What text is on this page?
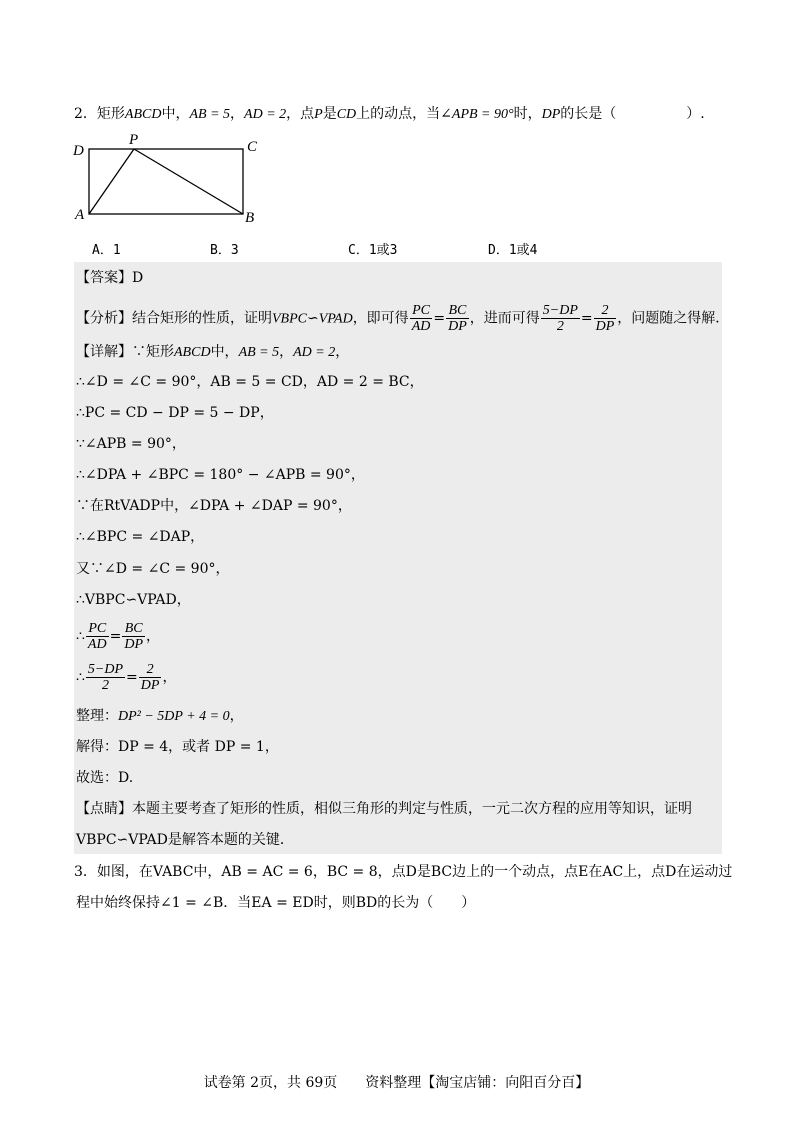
2．矩形ABCD中，AB = 5，AD = 2，点P是CD上的动点，当∠APB = 90°时，DP的长是（　　　　　）.
P
D	C
A	B
A．1	B．3	C．1或3	D．1或4
【答案】D
【分析】结合矩形的性质，证明VBPC∽VPAD，即可得 $\frac{PC}{AD} = \frac{BC}{DP}$ ，进而可得 $\frac{5-DP}{2} = \frac{2}{DP}$ ，问题随之得解．
【详解】∵矩形ABCD中，AB = 5，AD = 2，
∴∠D = ∠C = 90°，AB = 5 = CD，AD = 2 = BC，
∴PC = CD − DP = 5 − DP，
∵∠APB = 90°，
∴∠DPA + ∠BPC = 180° − ∠APB = 90°，
∵在RtVADP中，∠DPA + ∠DAP = 90°，
∴∠BPC = ∠DAP，
又∵∠D = ∠C = 90°，
∴VBPC∽VPAD，
∴ $\frac{PC}{AD} = \frac{BC}{DP}$ ，
∴ $\frac{5-DP}{2} = \frac{2}{DP}$ ，
整理：DP² − 5DP + 4 = 0，
解得：DP = 4，或者 DP = 1，
故选：D.
【点睛】本题主要考查了矩形的性质，相似三角形的判定与性质，一元二次方程的应用等知识，证明
VBPC∽VPAD是解答本题的关键．
3．如图，在VABC中，AB = AC = 6，BC = 8，点D是BC边上的一个动点，点E在AC上，点D在运动过
程中始终保持∠1 = ∠B．当EA = ED时，则BD的长为（　　）
试卷第 2页，共 69页　　资料整理【淘宝店铺：向阳百分百】
